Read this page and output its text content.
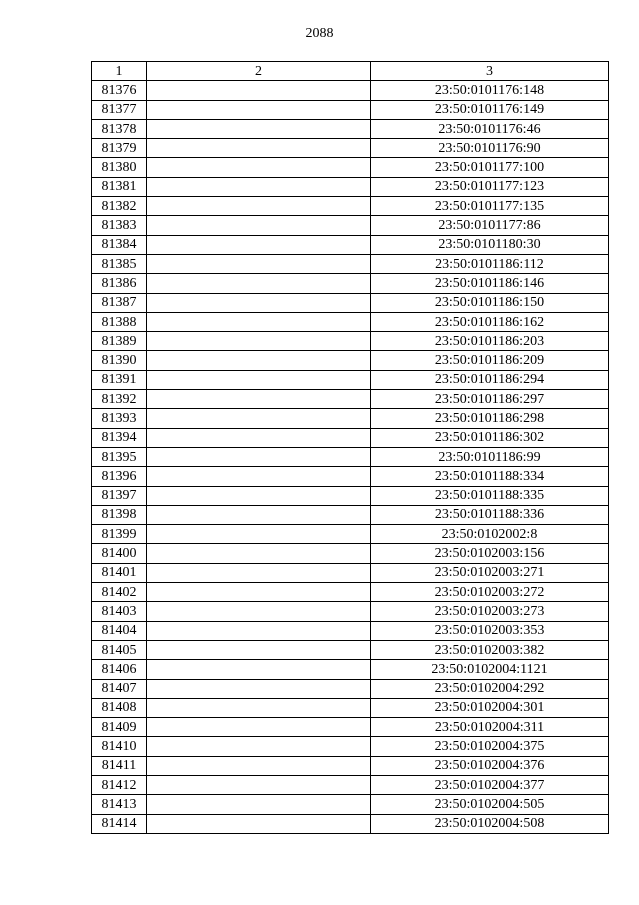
2088
1	2	3
81376		23:50:0101176:148
81377		23:50:0101176:149
81378		23:50:0101176:46
81379		23:50:0101176:90
81380		23:50:0101177:100
81381		23:50:0101177:123
81382		23:50:0101177:135
81383		23:50:0101177:86
81384		23:50:0101180:30
81385		23:50:0101186:112
81386		23:50:0101186:146
81387		23:50:0101186:150
81388		23:50:0101186:162
81389		23:50:0101186:203
81390		23:50:0101186:209
81391		23:50:0101186:294
81392		23:50:0101186:297
81393		23:50:0101186:298
81394		23:50:0101186:302
81395		23:50:0101186:99
81396		23:50:0101188:334
81397		23:50:0101188:335
81398		23:50:0101188:336
81399		23:50:0102002:8
81400		23:50:0102003:156
81401		23:50:0102003:271
81402		23:50:0102003:272
81403		23:50:0102003:273
81404		23:50:0102003:353
81405		23:50:0102003:382
81406		23:50:0102004:1121
81407		23:50:0102004:292
81408		23:50:0102004:301
81409		23:50:0102004:311
81410		23:50:0102004:375
81411		23:50:0102004:376
81412		23:50:0102004:377
81413		23:50:0102004:505
81414		23:50:0102004:508
